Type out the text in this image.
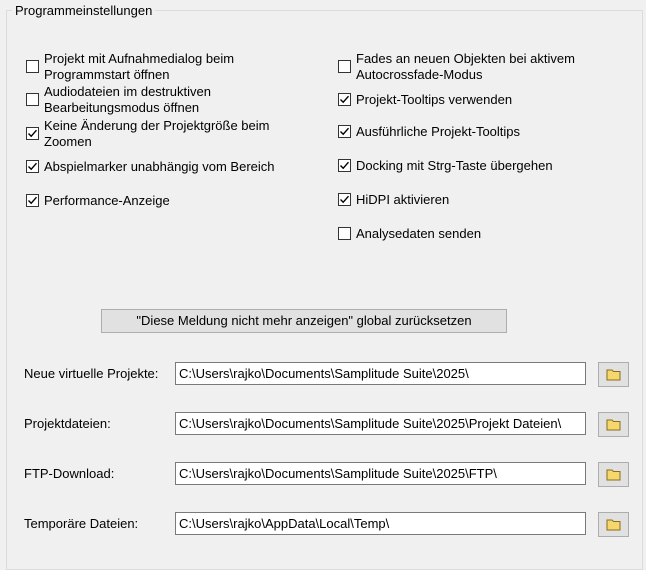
Programmeinstellungen
Projekt mit Aufnahmedialog beim
Programmstart öffnen
Audiodateien im destruktiven
Bearbeitungsmodus öffnen
Keine Änderung der Projektgröße beim
Zoomen
Abspielmarker unabhängig vom Bereich
Performance-Anzeige
Fades an neuen Objekten bei aktivem
Autocrossfade-Modus
Projekt-Tooltips verwenden
Ausführliche Projekt-Tooltips
Docking mit Strg-Taste übergehen
HiDPI aktivieren
Analysedaten senden
"Diese Meldung nicht mehr anzeigen" global zurücksetzen
Neue virtuelle Projekte:	C:\Users\rajko\Documents\Samplitude Suite\2025\
Projektdateien:	C:\Users\rajko\Documents\Samplitude Suite\2025\Projekt Dateien\
FTP-Download:	C:\Users\rajko\Documents\Samplitude Suite\2025\FTP\
Temporäre Dateien:	C:\Users\rajko\AppData\Local\Temp\
